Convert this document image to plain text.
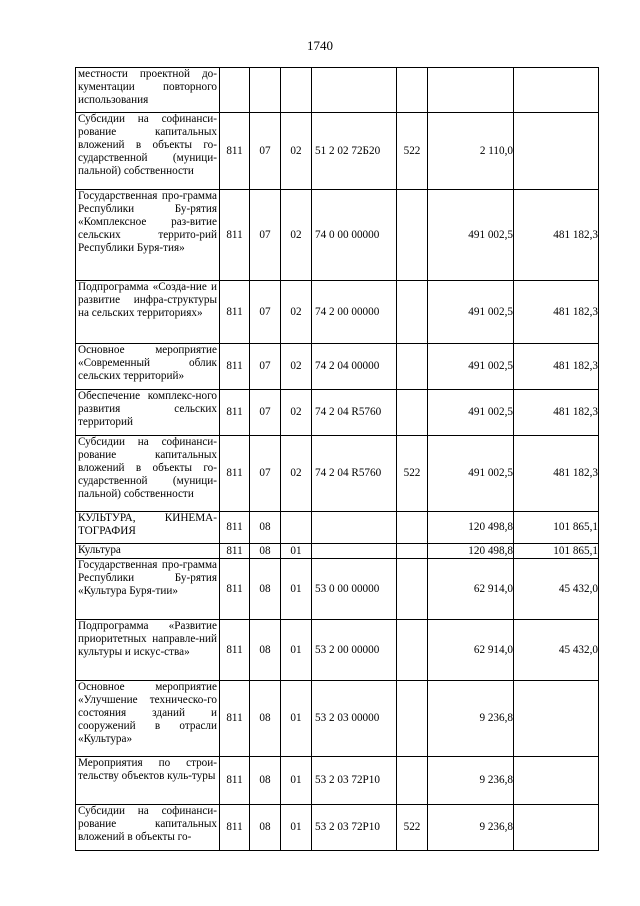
1740
местности проектной до-кументации повторного использования							
Субсидии на софинанси-рование капитальных вложений в объекты го-сударственной (муници-пальной) собственности	811	07	02	51 2 02 72Б20	522	2 110,0	
Государственная про-грамма Республики Бу-рятия «Комплексное раз-витие сельских террито-рий Республики Буря-тия»	811	07	02	74 0 00 00000		491 002,5	481 182,3
Подпрограмма «Созда-ние и развитие инфра-структуры на сельских территориях»	811	07	02	74 2 00 00000		491 002,5	481 182,3
Основное мероприятие «Современный облик сельских территорий»	811	07	02	74 2 04 00000		491 002,5	481 182,3
Обеспечение комплекс-ного развития сельских территорий	811	07	02	74 2 04 R5760		491 002,5	481 182,3
Субсидии на софинанси-рование капитальных вложений в объекты го-сударственной (муници-пальной) собственности	811	07	02	74 2 04 R5760	522	491 002,5	481 182,3
КУЛЬТУРА, КИНЕМА-ТОГРАФИЯ	811	08				120 498,8	101 865,1
Культура	811	08	01			120 498,8	101 865,1
Государственная про-грамма Республики Бу-рятия «Культура Буря-тии»	811	08	01	53 0 00 00000		62 914,0	45 432,0
Подпрограмма «Развитие приоритетных направле-ний культуры и искус-ства»	811	08	01	53 2 00 00000		62 914,0	45 432,0
Основное мероприятие «Улучшение техническо-го состояния зданий и сооружений в отрасли «Культура»	811	08	01	53 2 03 00000		9 236,8	
Мероприятия по строи-тельству объектов куль-туры	811	08	01	53 2 03 72P10		9 236,8	
Субсидии на софинанси-рование капитальных вложений в объекты го-	811	08	01	53 2 03 72P10	522	9 236,8	
